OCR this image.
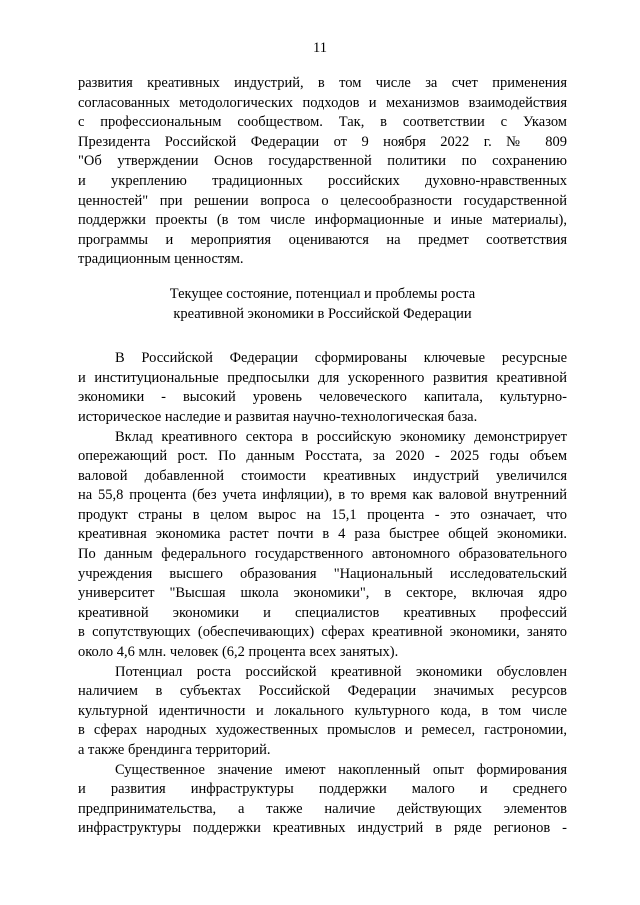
11
развития креативных индустрий, в том числе за счет применения
согласованных методологических подходов и механизмов взаимодействия
с профессиональным сообществом. Так, в соответствии с Указом
Президента Российской Федерации от 9 ноября 2022 г. № 809
"Об утверждении Основ государственной политики по сохранению
и укреплению традиционных российских духовно-нравственных
ценностей" при решении вопроса о целесообразности государственной
поддержки проекты (в том числе информационные и иные материалы),
программы и мероприятия оцениваются на предмет соответствия
традиционным ценностям.
Текущее состояние, потенциал и проблемы роста
креативной экономики в Российской Федерации
В Российской Федерации сформированы ключевые ресурсные
и институциональные предпосылки для ускоренного развития креативной
экономики - высокий уровень человеческого капитала, культурно-
историческое наследие и развитая научно-технологическая база.
Вклад креативного сектора в российскую экономику демонстрирует
опережающий рост. По данным Росстата, за 2020 - 2025 годы объем
валовой добавленной стоимости креативных индустрий увеличился
на 55,8 процента (без учета инфляции), в то время как валовой внутренний
продукт страны в целом вырос на 15,1 процента - это означает, что
креативная экономика растет почти в 4 раза быстрее общей экономики.
По данным федерального государственного автономного образовательного
учреждения высшего образования "Национальный исследовательский
университет "Высшая школа экономики", в секторе, включая ядро
креативной экономики и специалистов креативных профессий
в сопутствующих (обеспечивающих) сферах креативной экономики, занято
около 4,6 млн. человек (6,2 процента всех занятых).
Потенциал роста российской креативной экономики обусловлен
наличием в субъектах Российской Федерации значимых ресурсов
культурной идентичности и локального культурного кода, в том числе
в сферах народных художественных промыслов и ремесел, гастрономии,
а также брендинга территорий.
Существенное значение имеют накопленный опыт формирования
и развития инфраструктуры поддержки малого и среднего
предпринимательства, а также наличие действующих элементов
инфраструктуры поддержки креативных индустрий в ряде регионов -
